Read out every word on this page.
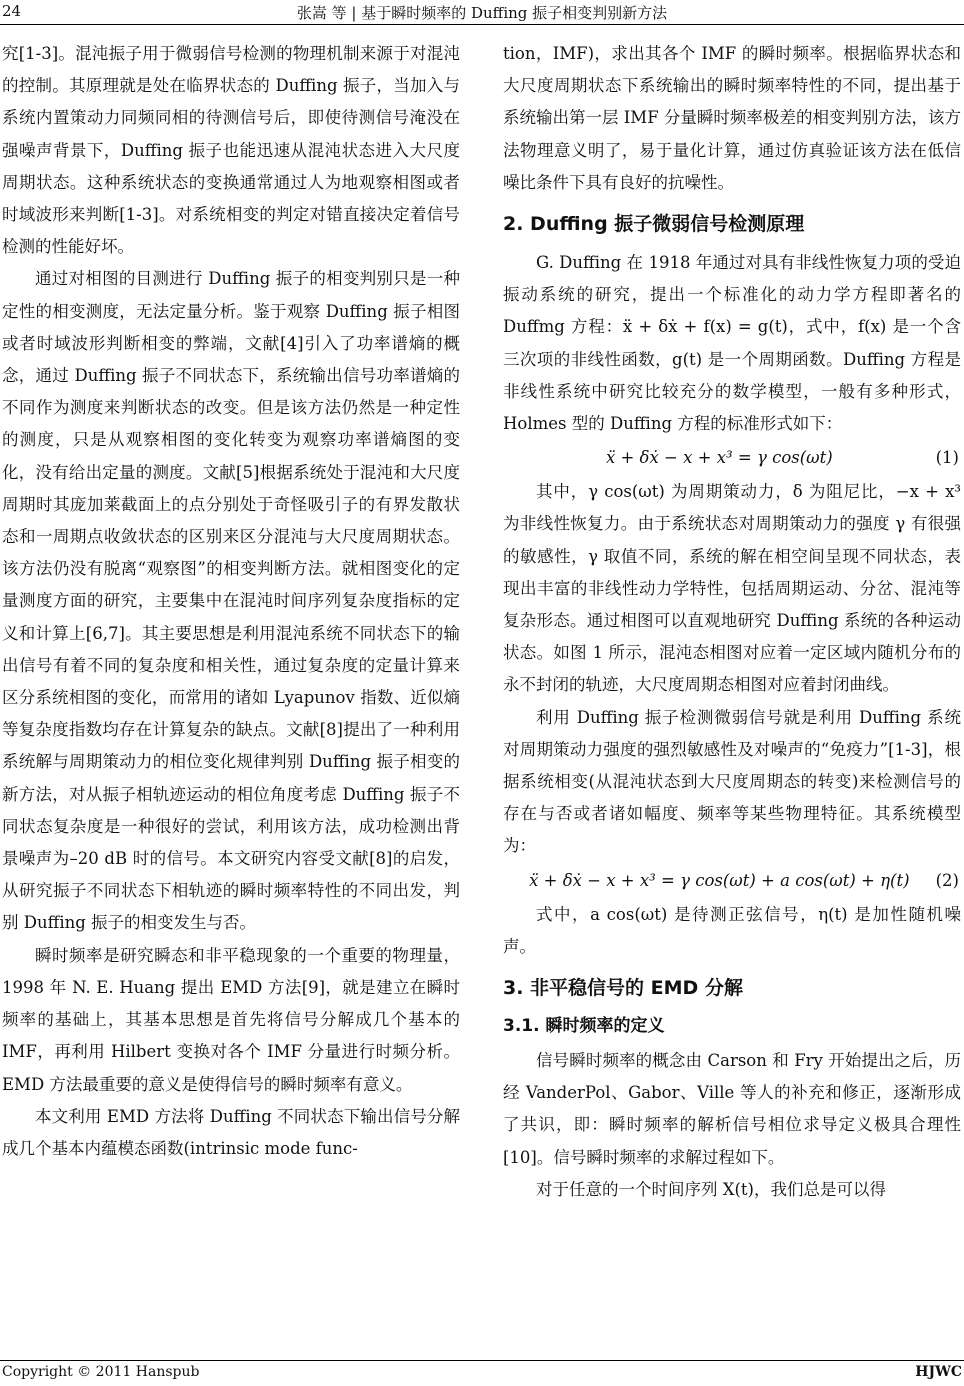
24	张嵩 等 | 基于瞬时频率的 Duffing 振子相变判别新方法

究[1-3]。混沌振子用于微弱信号检测的物理机制来源于对混沌的控制。其原理就是处在临界状态的 Duffing 振子，当加入与系统内置策动力同频同相的待测信号后，即使待测信号淹没在强噪声背景下，Duffing 振子也能迅速从混沌状态进入大尺度周期状态。这种系统状态的变换通常通过人为地观察相图或者时域波形来判断[1-3]。对系统相变的判定对错直接决定着信号检测的性能好坏。

通过对相图的目测进行 Duffing 振子的相变判别只是一种定性的相变测度，无法定量分析。鉴于观察 Duffing 振子相图或者时域波形判断相变的弊端，文献[4]引入了功率谱熵的概念，通过 Duffing 振子不同状态下，系统输出信号功率谱熵的不同作为测度来判断状态的改变。但是该方法仍然是一种定性的测度，只是从观察相图的变化转变为观察功率谱熵图的变化，没有给出定量的测度。文献[5]根据系统处于混沌和大尺度周期时其庞加莱截面上的点分别处于奇怪吸引子的有界发散状态和一周期点收敛状态的区别来区分混沌与大尺度周期状态。该方法仍没有脱离“观察图”的相变判断方法。就相图变化的定量测度方面的研究，主要集中在混沌时间序列复杂度指标的定义和计算上[6,7]。其主要思想是利用混沌系统不同状态下的输出信号有着不同的复杂度和相关性，通过复杂度的定量计算来区分系统相图的变化，而常用的诸如 Lyapunov 指数、近似熵等复杂度指数均存在计算复杂的缺点。文献[8]提出了一种利用系统解与周期策动力的相位变化规律判别 Duffing 振子相变的新方法，对从振子相轨迹运动的相位角度考虑 Duffing 振子不同状态复杂度是一种很好的尝试，利用该方法，成功检测出背景噪声为–20 dB 时的信号。本文研究内容受文献[8]的启发，从研究振子不同状态下相轨迹的瞬时频率特性的不同出发，判别 Duffing 振子的相变发生与否。

瞬时频率是研究瞬态和非平稳现象的一个重要的物理量，1998 年 N. E. Huang 提出 EMD 方法[9]，就是建立在瞬时频率的基础上，其基本思想是首先将信号分解成几个基本的 IMF，再利用 Hilbert 变换对各个 IMF 分量进行时频分析。EMD 方法最重要的意义是使得信号的瞬时频率有意义。

本文利用 EMD 方法将 Duffing 不同状态下输出信号分解成几个基本内蕴模态函数(intrinsic mode func-

tion，IMF)，求出其各个 IMF 的瞬时频率。根据临界状态和大尺度周期状态下系统输出的瞬时频率特性的不同，提出基于系统输出第一层 IMF 分量瞬时频率极差的相变判别方法，该方法物理意义明了，易于量化计算，通过仿真验证该方法在低信噪比条件下具有良好的抗噪性。

2. Duffing 振子微弱信号检测原理

G. Duffing 在 1918 年通过对具有非线性恢复力项的受迫振动系统的研究，提出一个标准化的动力学方程即著名的 Duffmg 方程：ẍ + δẋ + f(x) = g(t)，式中，f(x) 是一个含三次项的非线性函数，g(t) 是一个周期函数。Duffing 方程是非线性系统中研究比较充分的数学模型，一般有多种形式，Holmes 型的 Duffing 方程的标准形式如下：

ẍ + δẋ − x + x³ = γ cos(ωt)	(1)

其中，γ cos(ωt) 为周期策动力，δ 为阻尼比，−x + x³ 为非线性恢复力。由于系统状态对周期策动力的强度 γ 有很强的敏感性，γ 取值不同，系统的解在相空间呈现不同状态，表现出丰富的非线性动力学特性，包括周期运动、分岔、混沌等复杂形态。通过相图可以直观地研究 Duffing 系统的各种运动状态。如图 1 所示，混沌态相图对应着一定区域内随机分布的永不封闭的轨迹，大尺度周期态相图对应着封闭曲线。

利用 Duffing 振子检测微弱信号就是利用 Duffing 系统对周期策动力强度的强烈敏感性及对噪声的“免疫力”[1-3]，根据系统相变(从混沌状态到大尺度周期态的转变)来检测信号的存在与否或者诸如幅度、频率等某些物理特征。其系统模型为：

ẍ + δẋ − x + x³ = γ cos(ωt) + a cos(ωt) + η(t)	(2)

式中，a cos(ωt) 是待测正弦信号，η(t) 是加性随机噪声。

3. 非平稳信号的 EMD 分解
3.1. 瞬时频率的定义

信号瞬时频率的概念由 Carson 和 Fry 开始提出之后，历经 VanderPol、Gabor、Ville 等人的补充和修正，逐渐形成了共识，即：瞬时频率的解析信号相位求导定义极具合理性[10]。信号瞬时频率的求解过程如下。

对于任意的一个时间序列 X(t)，我们总是可以得

Copyright © 2011 Hanspub	HJWC
